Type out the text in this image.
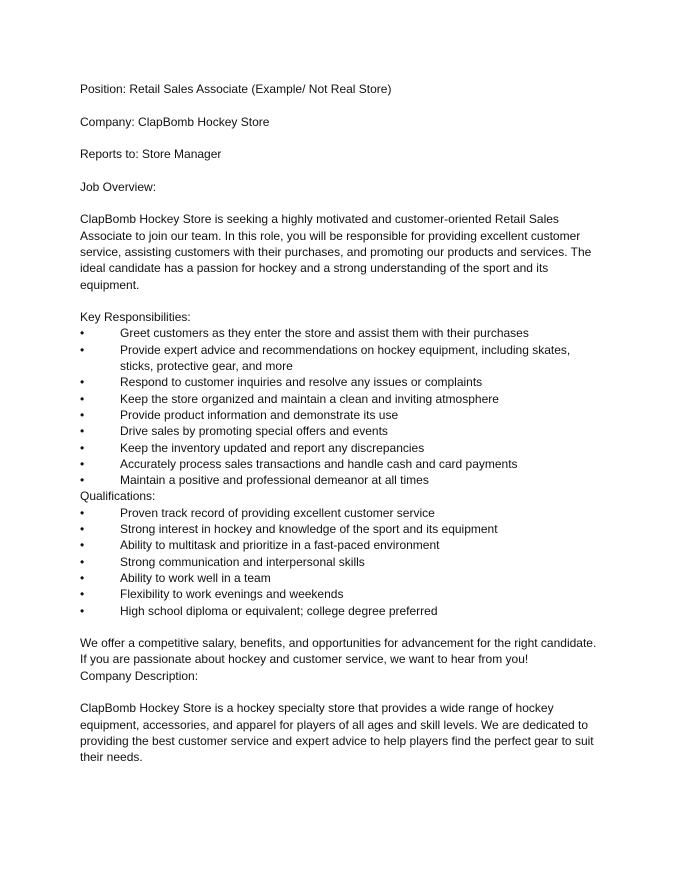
Position: Retail Sales Associate (Example/ Not Real Store)

Company: ClapBomb Hockey Store

Reports to: Store Manager

Job Overview:

ClapBomb Hockey Store is seeking a highly motivated and customer-oriented Retail Sales Associate to join our team. In this role, you will be responsible for providing excellent customer service, assisting customers with their purchases, and promoting our products and services. The ideal candidate has a passion for hockey and a strong understanding of the sport and its equipment.

Key Responsibilities:

•	Greet customers as they enter the store and assist them with their purchases
•	Provide expert advice and recommendations on hockey equipment, including skates, sticks, protective gear, and more
•	Respond to customer inquiries and resolve any issues or complaints
•	Keep the store organized and maintain a clean and inviting atmosphere
•	Provide product information and demonstrate its use
•	Drive sales by promoting special offers and events
•	Keep the inventory updated and report any discrepancies
•	Accurately process sales transactions and handle cash and card payments
•	Maintain a positive and professional demeanor at all times

Qualifications:

•	Proven track record of providing excellent customer service
•	Strong interest in hockey and knowledge of the sport and its equipment
•	Ability to multitask and prioritize in a fast-paced environment
•	Strong communication and interpersonal skills
•	Ability to work well in a team
•	Flexibility to work evenings and weekends
•	High school diploma or equivalent; college degree preferred

We offer a competitive salary, benefits, and opportunities for advancement for the right candidate. If you are passionate about hockey and customer service, we want to hear from you!

Company Description:

ClapBomb Hockey Store is a hockey specialty store that provides a wide range of hockey equipment, accessories, and apparel for players of all ages and skill levels. We are dedicated to providing the best customer service and expert advice to help players find the perfect gear to suit their needs.
